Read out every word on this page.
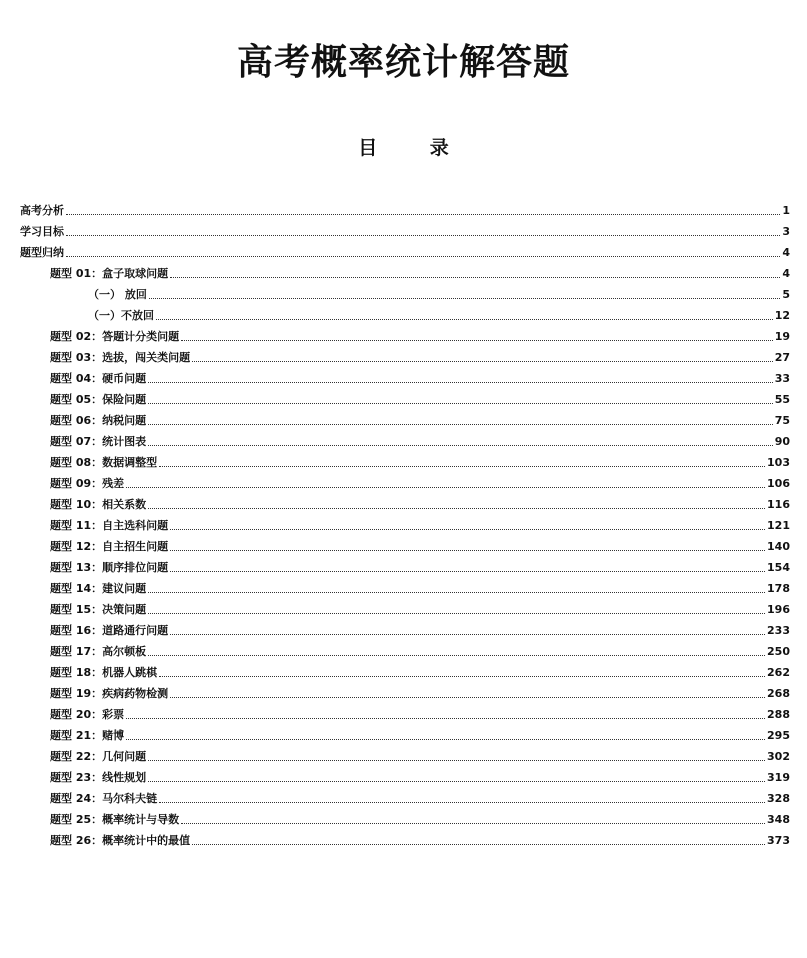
高考概率统计解答题
目 录
高考分析	1
学习目标	3
题型归纳	4
题型 01：盒子取球问题	4
（一） 放回	5
（一）不放回	12
题型 02：答题计分类问题	19
题型 03：选拔，闯关类问题	27
题型 04：硬币问题	33
题型 05：保险问题	55
题型 06：纳税问题	75
题型 07：统计图表	90
题型 08：数据调整型	103
题型 09：残差	106
题型 10：相关系数	116
题型 11：自主选科问题	121
题型 12：自主招生问题	140
题型 13：顺序排位问题	154
题型 14：建议问题	178
题型 15：决策问题	196
题型 16：道路通行问题	233
题型 17：高尔顿板	250
题型 18：机器人跳棋	262
题型 19：疾病药物检测	268
题型 20：彩票	288
题型 21：赌博	295
题型 22：几何问题	302
题型 23：线性规划	319
题型 24：马尔科夫链	328
题型 25：概率统计与导数	348
题型 26：概率统计中的最值	373
